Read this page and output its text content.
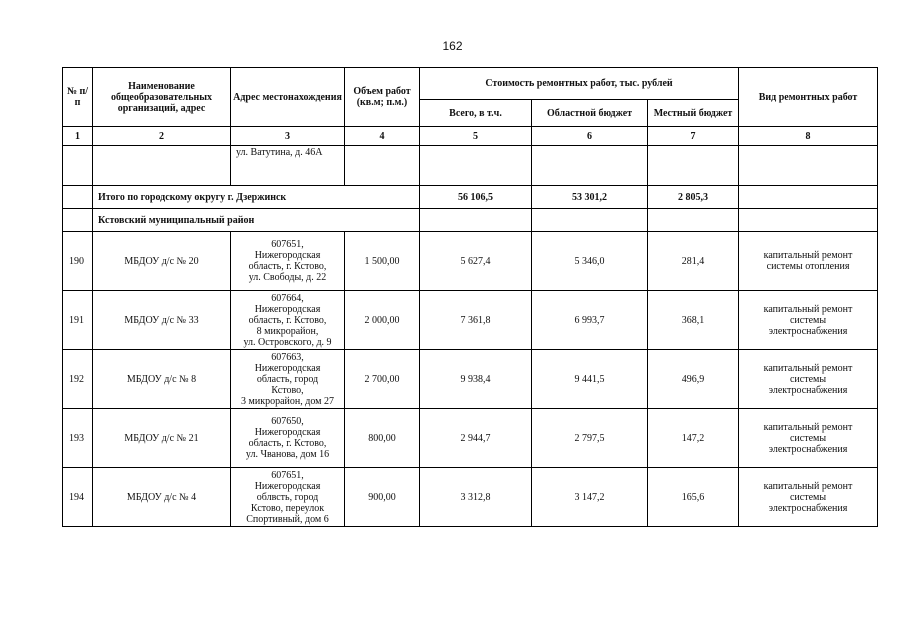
162
№ п/п	Наименование общеобразовательных организаций, адрес	Адрес местонахождения	Объем работ (кв.м; п.м.)	Стоимость ремонтных работ, тыс. рублей			Вид ремонтных работ
				Всего, в т.ч.	Областной бюджет	Местный бюджет	
1	2	3	4	5	6	7	8
		ул. Ватутина, д. 46А					
	Итого по городскому округу г. Дзержинск			56 106,5	53 301,2	2 805,3	
	Кстовский муниципальный район						
190	МБДОУ д/с № 20	607651,
Нижегородская
область, г. Кстово,
ул. Свободы, д. 22	1 500,00	5 627,4	5 346,0	281,4	капитальный ремонт
системы отопления
191	МБДОУ д/с № 33	607664,
Нижегородская
область, г. Кстово,
8 микрорайон,
ул. Островского, д. 9	2 000,00	7 361,8	6 993,7	368,1	капитальный ремонт
системы
электроснабжения
192	МБДОУ д/с № 8	607663,
Нижегородская
область, город
Кстово,
3 микрорайон, дом 27	2 700,00	9 938,4	9 441,5	496,9	капитальный ремонт
системы
электроснабжения
193	МБДОУ д/с № 21	607650,
Нижегородская
область, г. Кстово,
ул. Чванова, дом 16	800,00	2 944,7	2 797,5	147,2	капитальный ремонт
системы
электроснабжения
194	МБДОУ д/с № 4	607651,
Нижегородская
облвсть, город
Кстово, переулок
Спортивный, дом 6	900,00	3 312,8	3 147,2	165,6	капитальный ремонт
системы
электроснабжения
